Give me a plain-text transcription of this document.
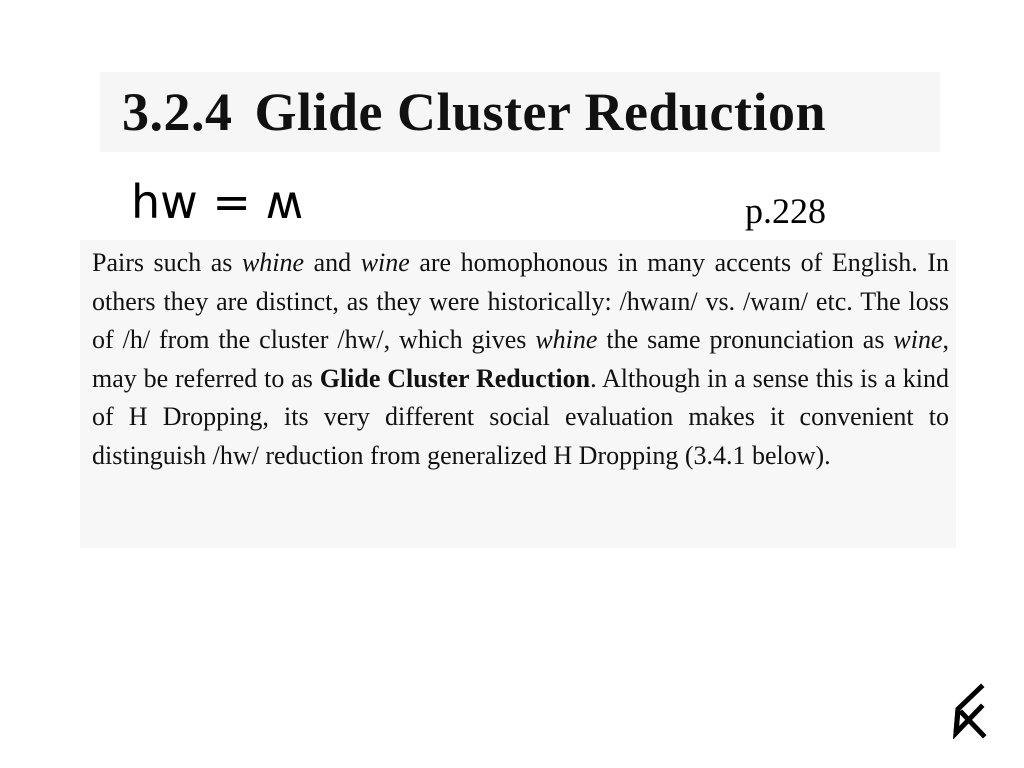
3.2.4 Glide Cluster Reduction
hw = ʍ	p.228

Pairs such as whine and wine are homophonous in many accents of English. In others they are distinct, as they were historically: /hwaɪn/ vs. /waɪn/ etc. The loss of /h/ from the cluster /hw/, which gives whine the same pronunciation as wine, may be referred to as Glide Cluster Reduction. Although in a sense this is a kind of H Dropping, its very different social evaluation makes it convenient to distinguish /hw/ reduction from generalized H Dropping (3.4.1 below).
